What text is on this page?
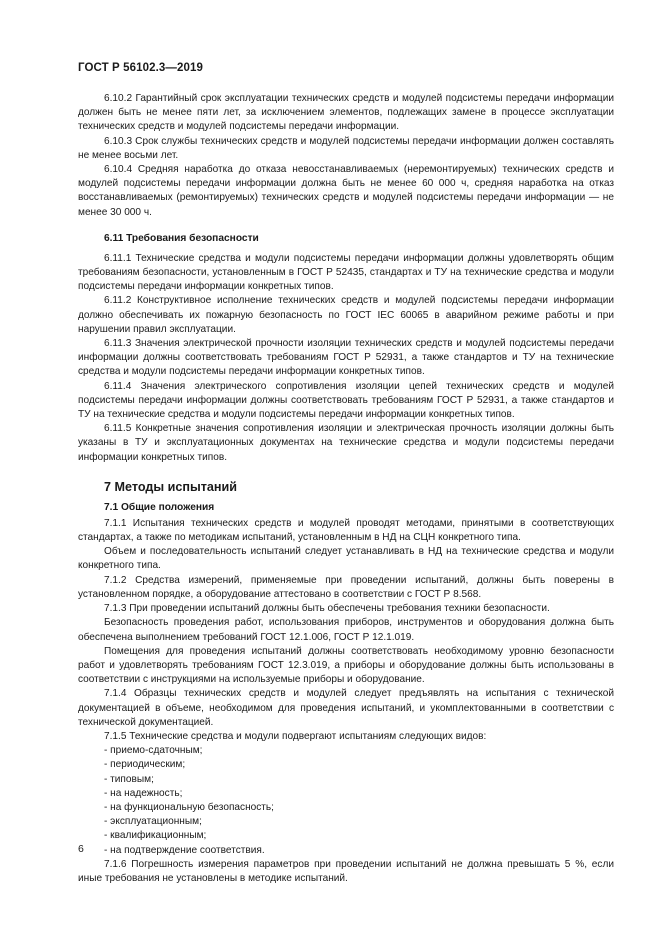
ГОСТ Р 56102.3—2019

6.10.2 Гарантийный срок эксплуатации технических средств и модулей подсистемы передачи информации должен быть не менее пяти лет, за исключением элементов, подлежащих замене в процессе эксплуатации технических средств и модулей подсистемы передачи информации.

6.10.3 Срок службы технических средств и модулей подсистемы передачи информации должен составлять не менее восьми лет.

6.10.4 Средняя наработка до отказа невосстанавливаемых (неремонтируемых) технических средств и модулей подсистемы передачи информации должна быть не менее 60 000 ч, средняя наработка на отказ восстанавливаемых (ремонтируемых) технических средств и модулей подсистемы передачи информации — не менее 30 000 ч.

6.11 Требования безопасности

6.11.1 Технические средства и модули подсистемы передачи информации должны удовлетворять общим требованиям безопасности, установленным в ГОСТ Р 52435, стандартах и ТУ на технические средства и модули подсистемы передачи информации конкретных типов.

6.11.2 Конструктивное исполнение технических средств и модулей подсистемы передачи информации должно обеспечивать их пожарную безопасность по ГОСТ IEC 60065 в аварийном режиме работы и при нарушении правил эксплуатации.

6.11.3 Значения электрической прочности изоляции технических средств и модулей подсистемы передачи информации должны соответствовать требованиям ГОСТ Р 52931, а также стандартов и ТУ на технические средства и модули подсистемы передачи информации конкретных типов.

6.11.4 Значения электрического сопротивления изоляции цепей технических средств и модулей подсистемы передачи информации должны соответствовать требованиям ГОСТ Р 52931, а также стандартов и ТУ на технические средства и модули подсистемы передачи информации конкретных типов.

6.11.5 Конкретные значения сопротивления изоляции и электрическая прочность изоляции должны быть указаны в ТУ и эксплуатационных документах на технические средства и модули подсистемы передачи информации конкретных типов.

7 Методы испытаний
7.1 Общие положения

7.1.1 Испытания технических средств и модулей проводят методами, принятыми в соответствующих стандартах, а также по методикам испытаний, установленным в НД на СЦН конкретного типа.

Объем и последовательность испытаний следует устанавливать в НД на технические средства и модули конкретного типа.

7.1.2 Средства измерений, применяемые при проведении испытаний, должны быть поверены в установленном порядке, а оборудование аттестовано в соответствии с ГОСТ Р 8.568.

7.1.3 При проведении испытаний должны быть обеспечены требования техники безопасности.

Безопасность проведения работ, использования приборов, инструментов и оборудования должна быть обеспечена выполнением требований ГОСТ 12.1.006, ГОСТ Р 12.1.019.

Помещения для проведения испытаний должны соответствовать необходимому уровню безопасности работ и удовлетворять требованиям ГОСТ 12.3.019, а приборы и оборудование должны быть использованы в соответствии с инструкциями на используемые приборы и оборудование.

7.1.4 Образцы технических средств и модулей следует предъявлять на испытания с технической документацией в объеме, необходимом для проведения испытаний, и укомплектованными в соответствии с технической документацией.

7.1.5 Технические средства и модули подвергают испытаниям следующих видов:

- приемо-сдаточным;
- периодическим;
- типовым;
- на надежность;
- на функциональную безопасность;
- эксплуатационным;
- квалификационным;
- на подтверждение соответствия.

7.1.6 Погрешность измерения параметров при проведении испытаний не должна превышать 5 %, если иные требования не установлены в методике испытаний.

6
